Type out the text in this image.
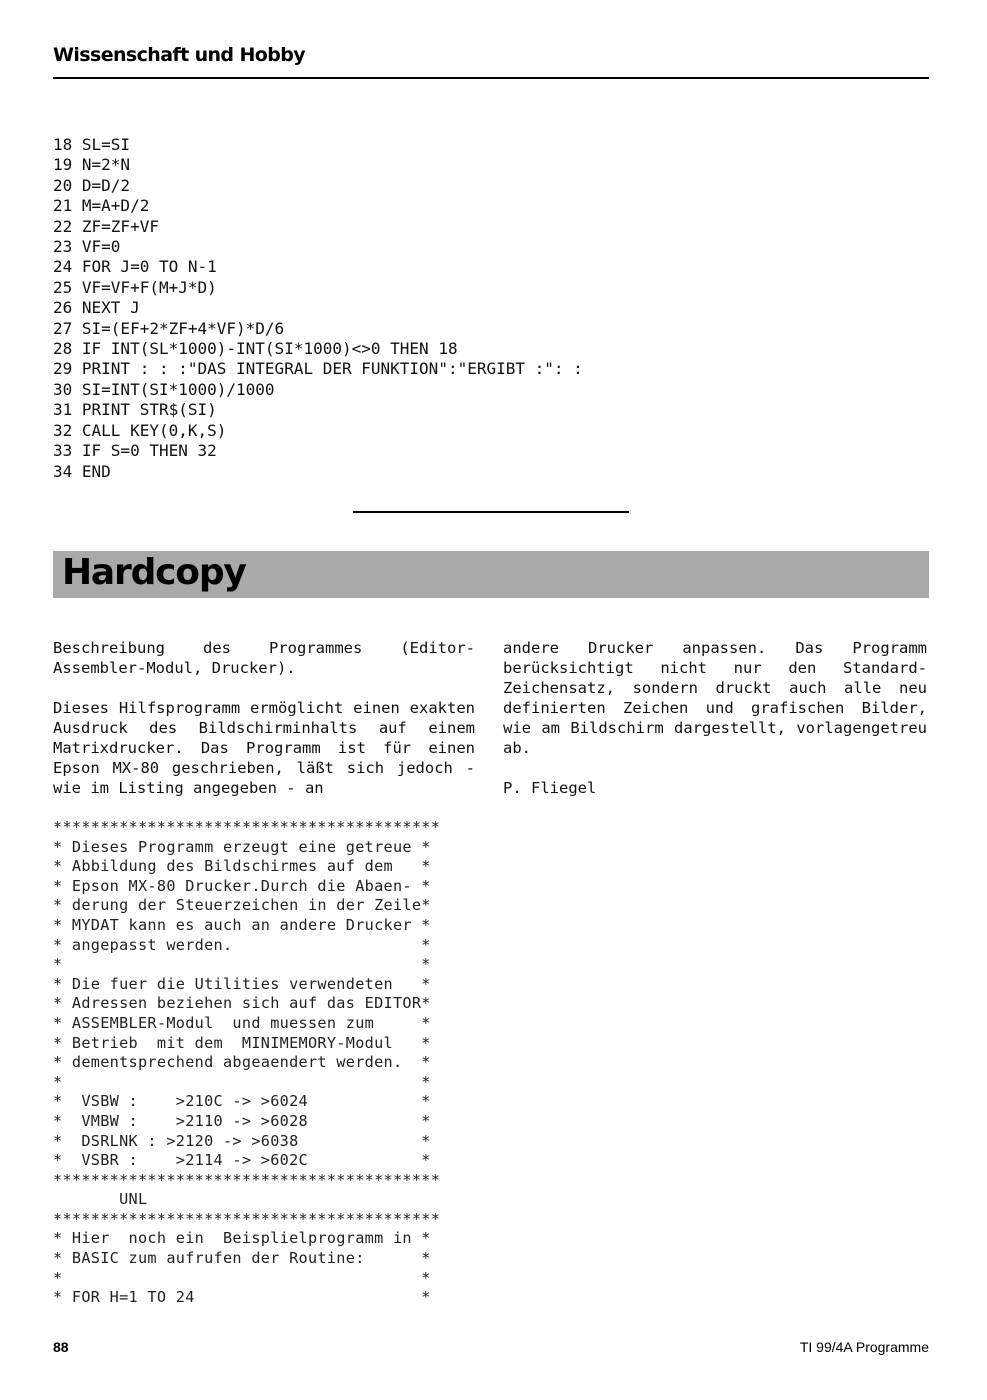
Wissenschaft und Hobby
18 SL=SI
19 N=2*N
20 D=D/2
21 M=A+D/2
22 ZF=ZF+VF
23 VF=0
24 FOR J=0 TO N-1
25 VF=VF+F(M+J*D)
26 NEXT J
27 SI=(EF+2*ZF+4*VF)*D/6
28 IF INT(SL*1000)-INT(SI*1000)<>0 THEN 18
29 PRINT : : :"DAS INTEGRAL DER FUNKTION":"ERGIBT :": :
30 SI=INT(SI*1000)/1000
31 PRINT STR$(SI)
32 CALL KEY(0,K,S)
33 IF S=0 THEN 32
34 END
Hardcopy

Beschreibung des Programmes (Editor-Assembler-Modul, Drucker).

Dieses Hilfsprogramm ermöglicht einen exakten Ausdruck des Bildschirminhalts auf einem Matrixdrucker. Das Programm ist für einen Epson MX-80 geschrieben, läßt sich jedoch - wie im Listing angegeben - an

andere Drucker anpassen. Das Programm berücksichtigt nicht nur den Standard-Zeichensatz, sondern druckt auch alle neu definierten Zeichen und grafischen Bilder, wie am Bildschirm dargestellt, vorlagengetreu ab.

P. Fliegel

*****************************************
* Dieses Programm erzeugt eine getreue *
* Abbildung des Bildschirmes auf dem   *
* Epson MX-80 Drucker.Durch die Abaen- *
* derung der Steuerzeichen in der Zeile*
* MYDAT kann es auch an andere Drucker *
* angepasst werden.                    *
*                                      *
* Die fuer die Utilities verwendeten   *
* Adressen beziehen sich auf das EDITOR*
* ASSEMBLER-Modul  und muessen zum     *
* Betrieb  mit dem  MINIMEMORY-Modul   *
* dementsprechend abgeaendert werden.  *
*                                      *
*  VSBW :    >210C -> >6024            *
*  VMBW :    >2110 -> >6028            *
*  DSRLNK : >2120 -> >6038             *
*  VSBR :    >2114 -> >602C            *
*****************************************
UNL
*****************************************
* Hier  noch ein  Beisplielprogramm in *
* BASIC zum aufrufen der Routine:      *
*                                      *
* FOR H=1 TO 24                        *
88	TI 99/4A Programme
